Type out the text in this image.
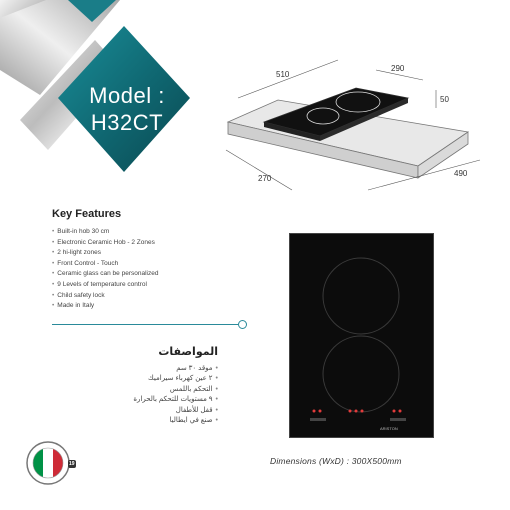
Model :
H32CT
510
290
50
270
490
Key Features
• Built-in hob 30 cm
• Electronic Ceramic Hob - 2 Zones
• 2 hi-light zones
• Front Control - Touch
• Ceramic glass can be personalized
• 9 Levels of temperature control
• Child safety lock
• Made in Italy
المواصفات
• موقد ٣٠ سم
• ٢ عين كهرباء سيراميك
• التحكم باللمس
• ٩ مستويات للتحكم بالحرارة
• قفل للأطفال
• صنع في ايطاليا
ARISTON
Dimensions (WxD) : 300X500mm
19
